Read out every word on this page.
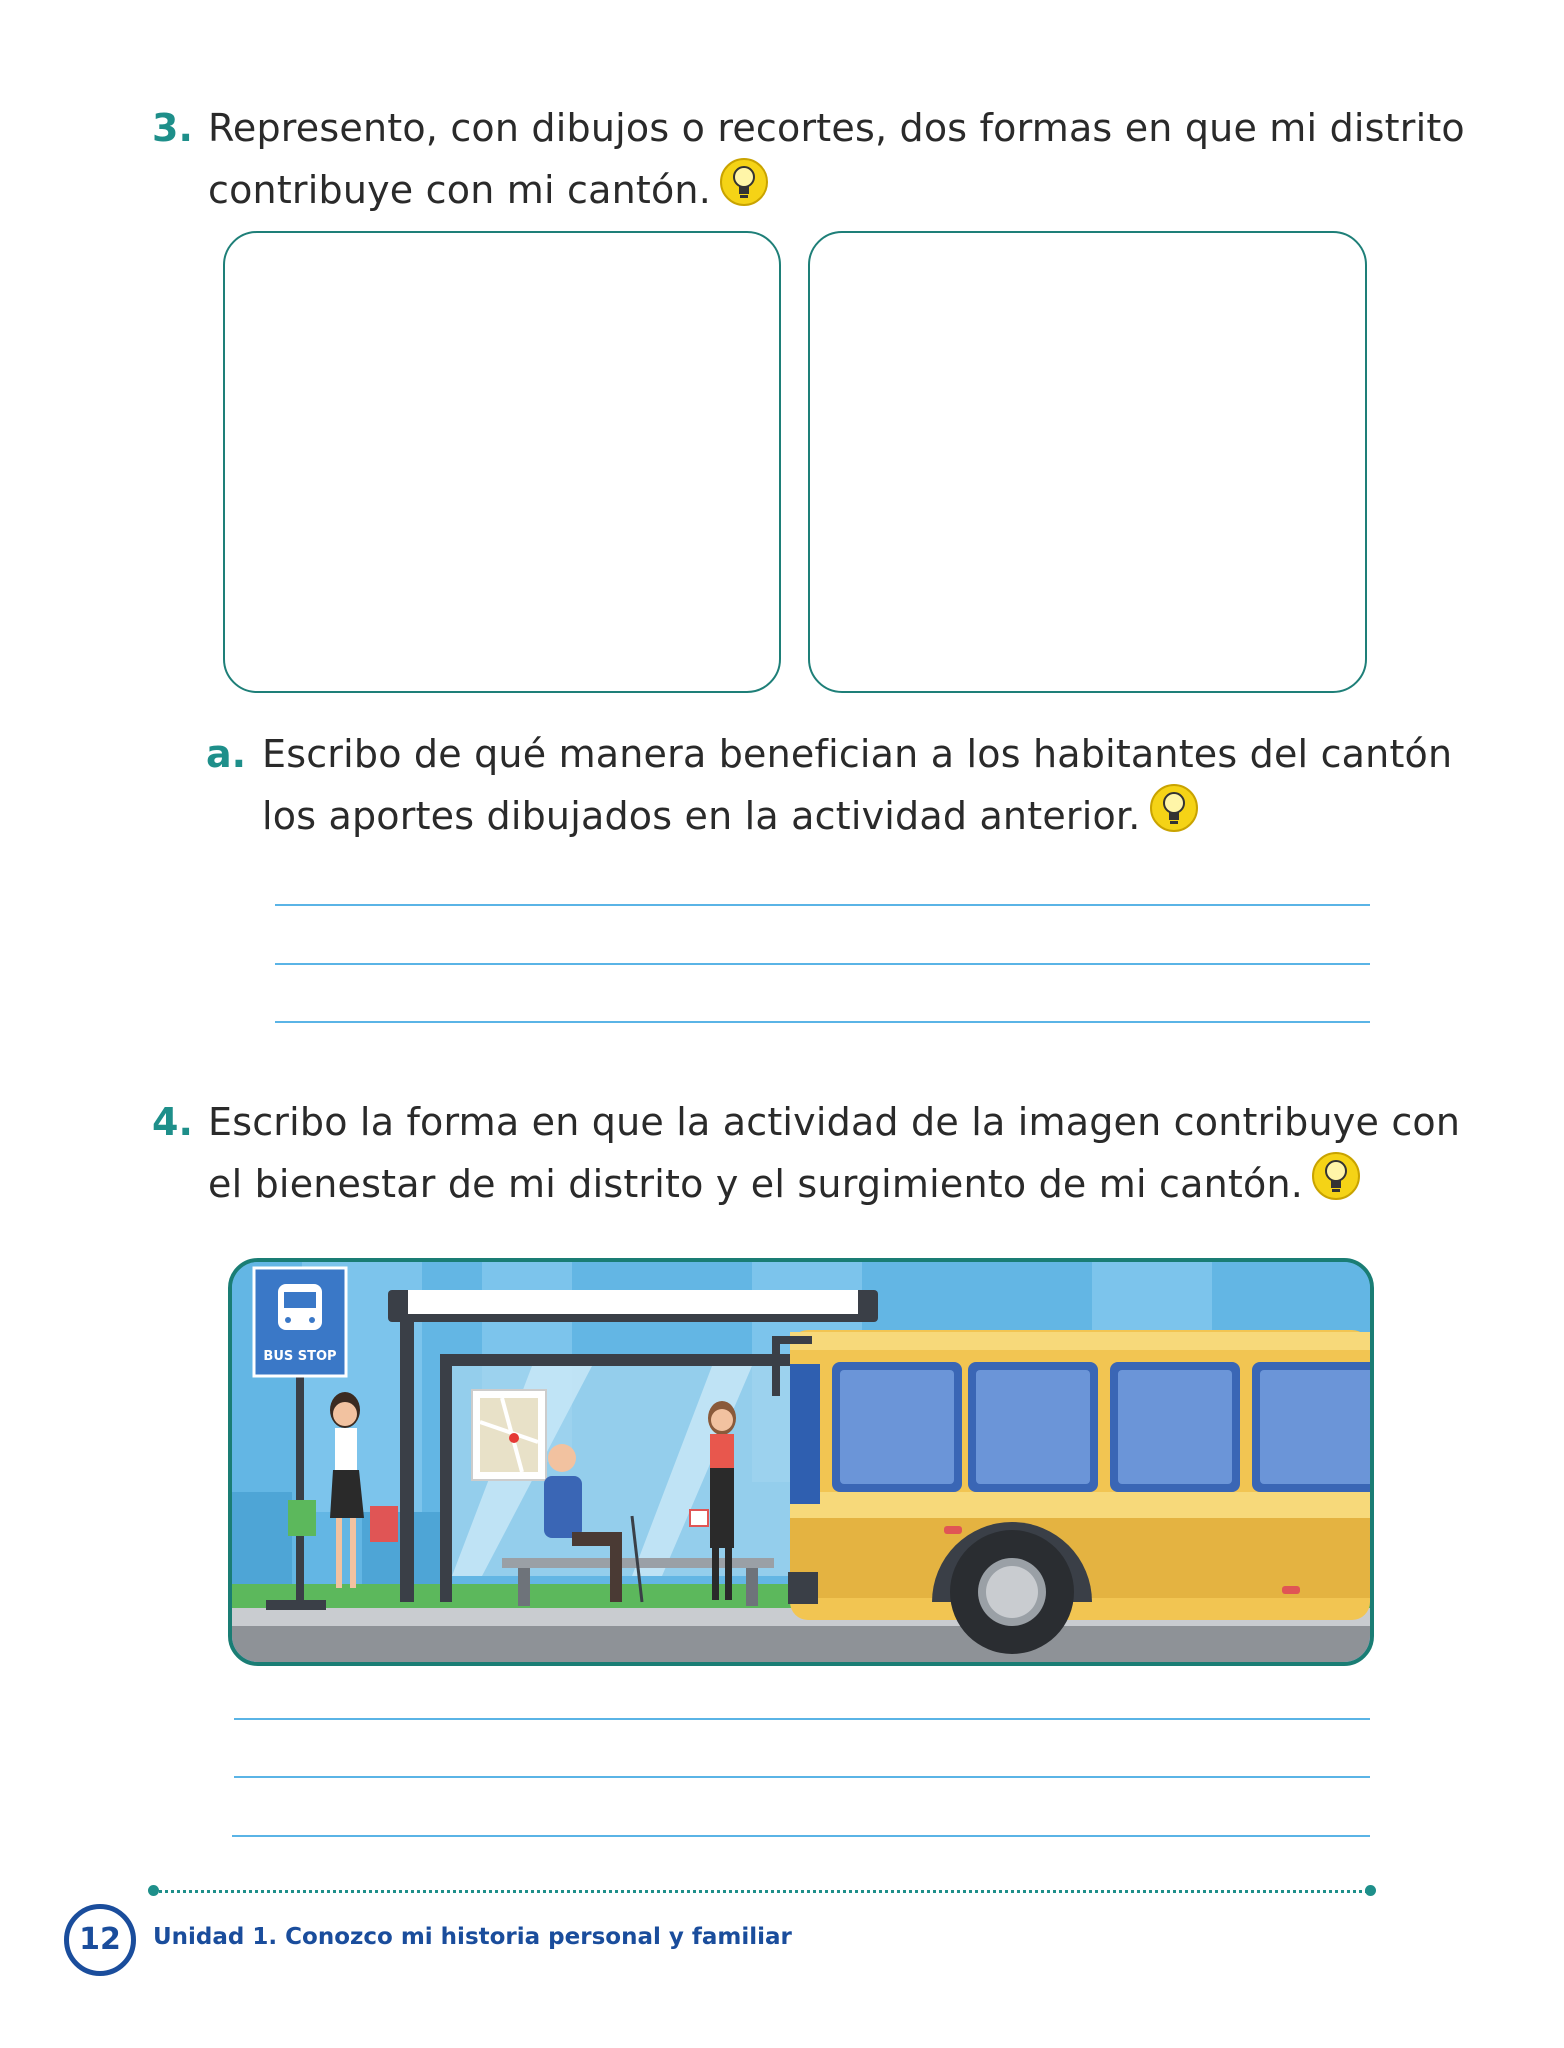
3. Represento, con dibujos o recortes, dos formas en que mi distrito
contribuye con mi cantón.
a. Escribo de qué manera benefician a los habitantes del cantón
los aportes dibujados en la actividad anterior.
4. Escribo la forma en que la actividad de la imagen contribuye con
el bienestar de mi distrito y el surgimiento de mi cantón.
BUS STOP
12	Unidad 1. Conozco mi historia personal y familiar
